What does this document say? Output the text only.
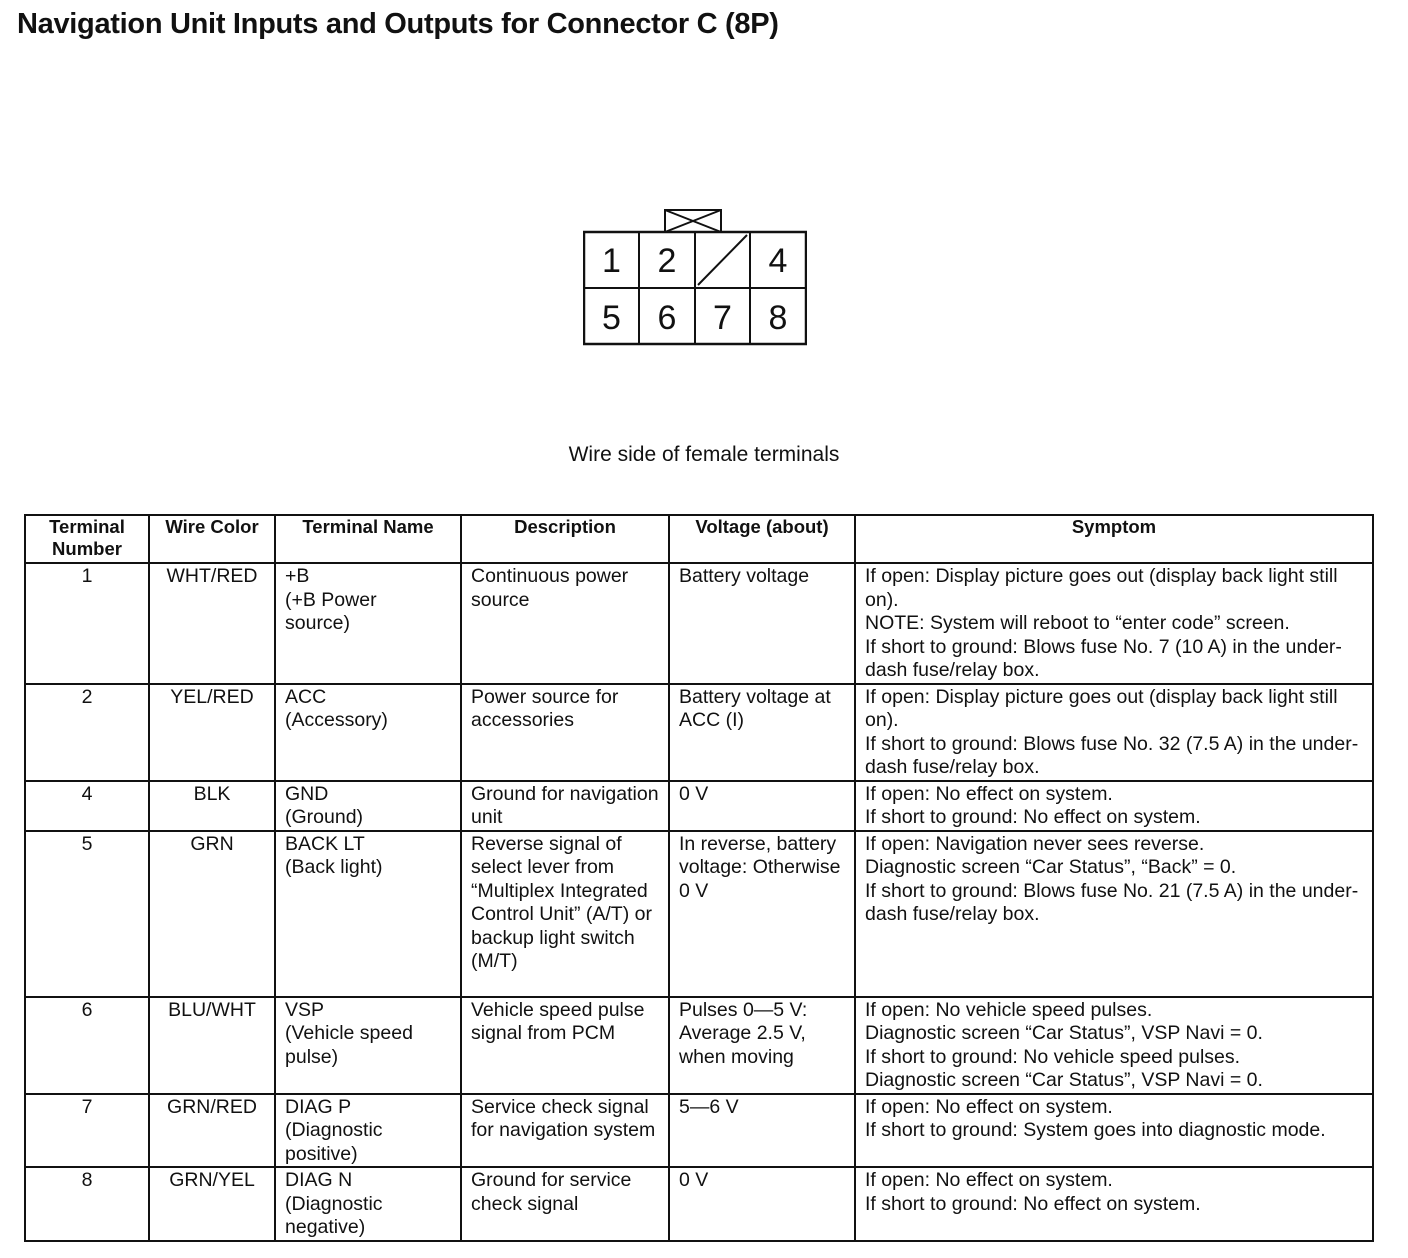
Navigation Unit Inputs and Outputs for Connector C (8P)
1 2	4
5 6 7 8
Wire side of female terminals
Terminal Number	Wire Color	Terminal Name	Description	Voltage (about)	Symptom
1	WHT/RED	+B
(+B Power
source)	Continuous power source	Battery voltage	If open: Display picture goes out (display back light still on).
NOTE: System will reboot to “enter code” screen.
If short to ground: Blows fuse No. 7 (10 A) in the under-dash fuse/relay box.

2	YEL/RED	ACC
(Accessory)	Power source for accessories	Battery voltage at ACC (I)	If open: Display picture goes out (display back light still on).
If short to ground: Blows fuse No. 32 (7.5 A) in the under-dash fuse/relay box.

4	BLK	GND
(Ground)	Ground for navigation unit	0 V	If open: No effect on system.
If short to ground: No effect on system.

5	GRN	BACK LT
(Back light)	Reverse signal of select lever from “Multiplex Integrated Control Unit” (A/T) or backup light switch (M/T)	In reverse, battery voltage: Otherwise 0 V	If open: Navigation never sees reverse.
Diagnostic screen “Car Status”, “Back” = 0.
If short to ground: Blows fuse No. 21 (7.5 A) in the under-dash fuse/relay box.

6	BLU/WHT	VSP
(Vehicle speed
pulse)	Vehicle speed pulse signal from PCM	Pulses 0—5 V: Average 2.5 V, when moving	If open: No vehicle speed pulses.
Diagnostic screen “Car Status”, VSP Navi = 0.
If short to ground: No vehicle speed pulses.
Diagnostic screen “Car Status”, VSP Navi = 0.

7	GRN/RED	DIAG P
(Diagnostic
positive)	Service check signal for navigation system	5—6 V	If open: No effect on system.
If short to ground: System goes into diagnostic mode.

8	GRN/YEL	DIAG N
(Diagnostic
negative)	Ground for service check signal	0 V	If open: No effect on system.
If short to ground: No effect on system.
